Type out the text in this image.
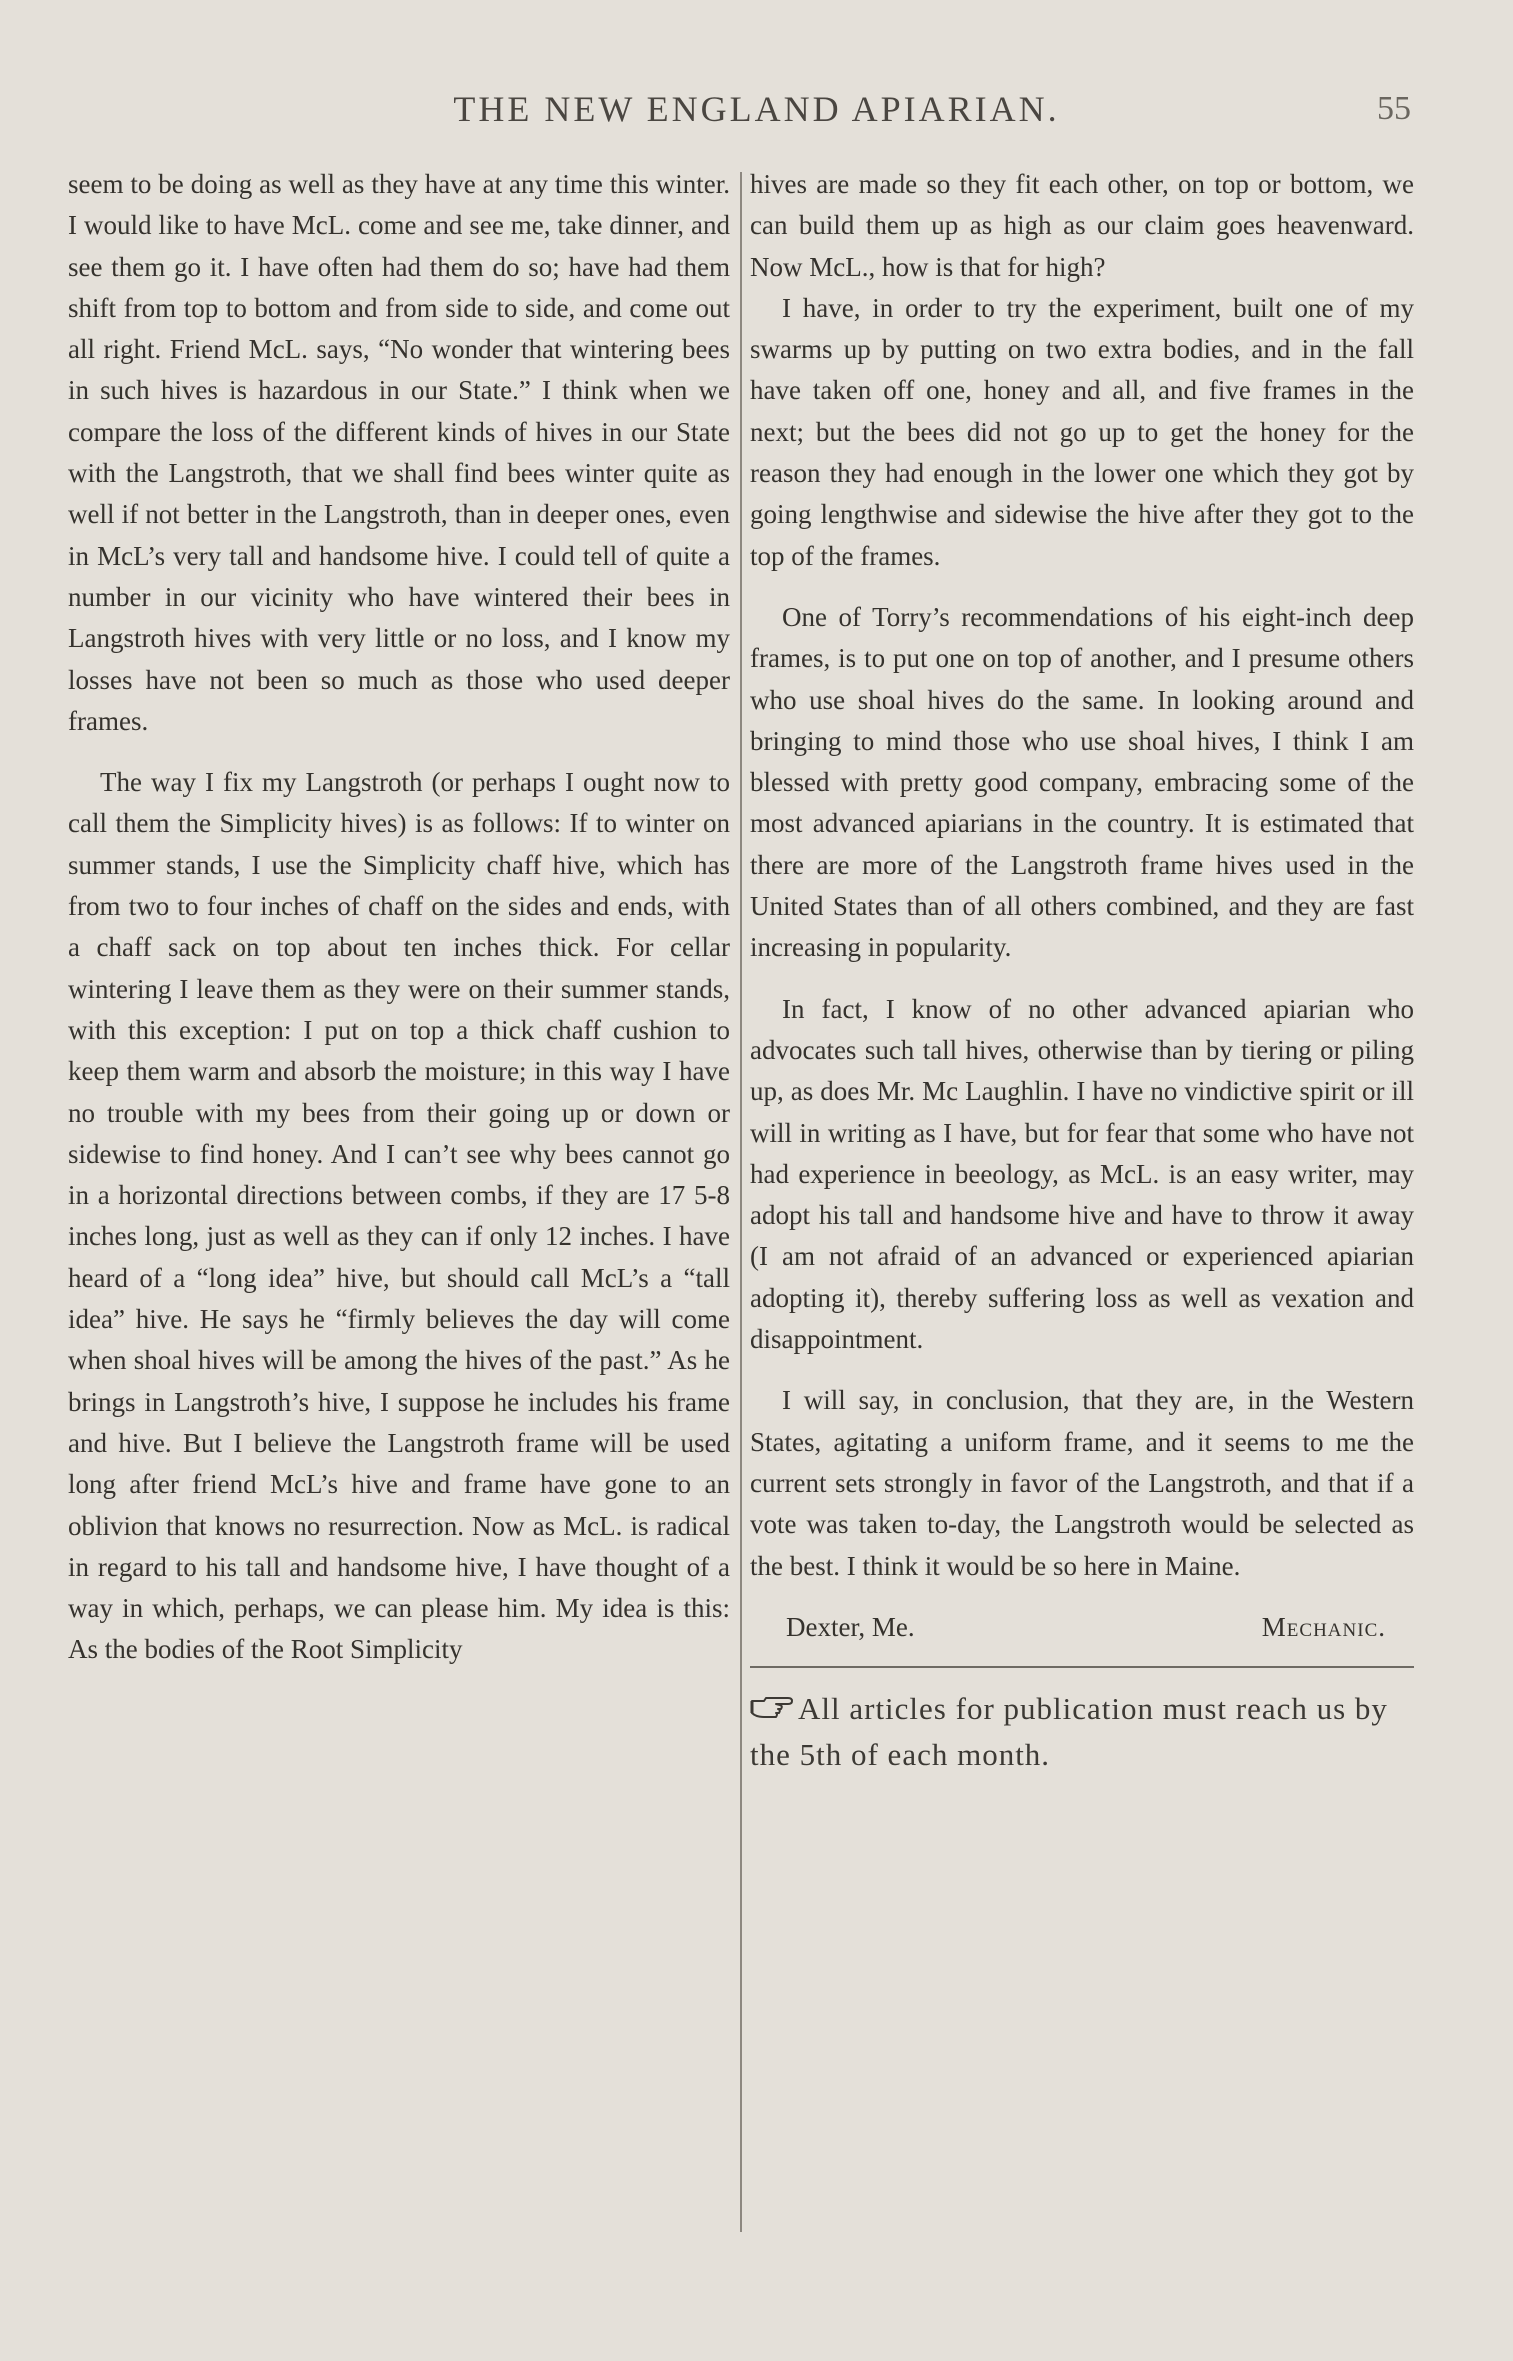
THE NEW ENGLAND APIARIAN.	55

seem to be doing as well as they have at any time this winter. I would like to have McL. come and see me, take dinner, and see them go it. I have often had them do so; have had them shift from top to bottom and from side to side, and come out all right. Friend McL. says, “No wonder that wintering bees in such hives is hazardous in our State.” I think when we compare the loss of the different kinds of hives in our State with the Langstroth, that we shall find bees winter quite as well if not better in the Langstroth, than in deeper ones, even in McL’s very tall and handsome hive. I could tell of quite a number in our vicinity who have wintered their bees in Langstroth hives with very little or no loss, and I know my losses have not been so much as those who used deeper frames.

The way I fix my Langstroth (or perhaps I ought now to call them the Simplicity hives) is as follows: If to winter on summer stands, I use the Simplicity chaff hive, which has from two to four inches of chaff on the sides and ends, with a chaff sack on top about ten inches thick. For cellar wintering I leave them as they were on their summer stands, with this exception: I put on top a thick chaff cushion to keep them warm and absorb the moisture; in this way I have no trouble with my bees from their going up or down or sidewise to find honey. And I can’t see why bees cannot go in a horizontal directions between combs, if they are 17 5-8 inches long, just as well as they can if only 12 inches. I have heard of a “long idea” hive, but should call McL’s a “tall idea” hive. He says he “firmly believes the day will come when shoal hives will be among the hives of the past.” As he brings in Langstroth’s hive, I suppose he includes his frame and hive. But I believe the Langstroth frame will be used long after friend McL’s hive and frame have gone to an oblivion that knows no resurrection. Now as McL. is radical in regard to his tall and handsome hive, I have thought of a way in which, perhaps, we can please him. My idea is this: As the bodies of the Root Simplicity

hives are made so they fit each other, on top or bottom, we can build them up as high as our claim goes heavenward. Now McL., how is that for high?

I have, in order to try the experiment, built one of my swarms up by putting on two extra bodies, and in the fall have taken off one, honey and all, and five frames in the next; but the bees did not go up to get the honey for the reason they had enough in the lower one which they got by going lengthwise and sidewise the hive after they got to the top of the frames.

One of Torry’s recommendations of his eight-inch deep frames, is to put one on top of another, and I presume others who use shoal hives do the same. In looking around and bringing to mind those who use shoal hives, I think I am blessed with pretty good company, embracing some of the most advanced apiarians in the country. It is estimated that there are more of the Langstroth frame hives used in the United States than of all others combined, and they are fast increasing in popularity.

In fact, I know of no other advanced apiarian who advocates such tall hives, otherwise than by tiering or piling up, as does Mr. Mc Laughlin. I have no vindictive spirit or ill will in writing as I have, but for fear that some who have not had experience in beeology, as McL. is an easy writer, may adopt his tall and handsome hive and have to throw it away (I am not afraid of an advanced or experienced apiarian adopting it), thereby suffering loss as well as vexation and disappointment.

I will say, in conclusion, that they are, in the Western States, agitating a uniform frame, and it seems to me the current sets strongly in favor of the Langstroth, and that if a vote was taken to-day, the Langstroth would be selected as the best. I think it would be so here in Maine.

Dexter, Me.	Mechanic.
All articles for publication must reach us by the 5th of each month.
